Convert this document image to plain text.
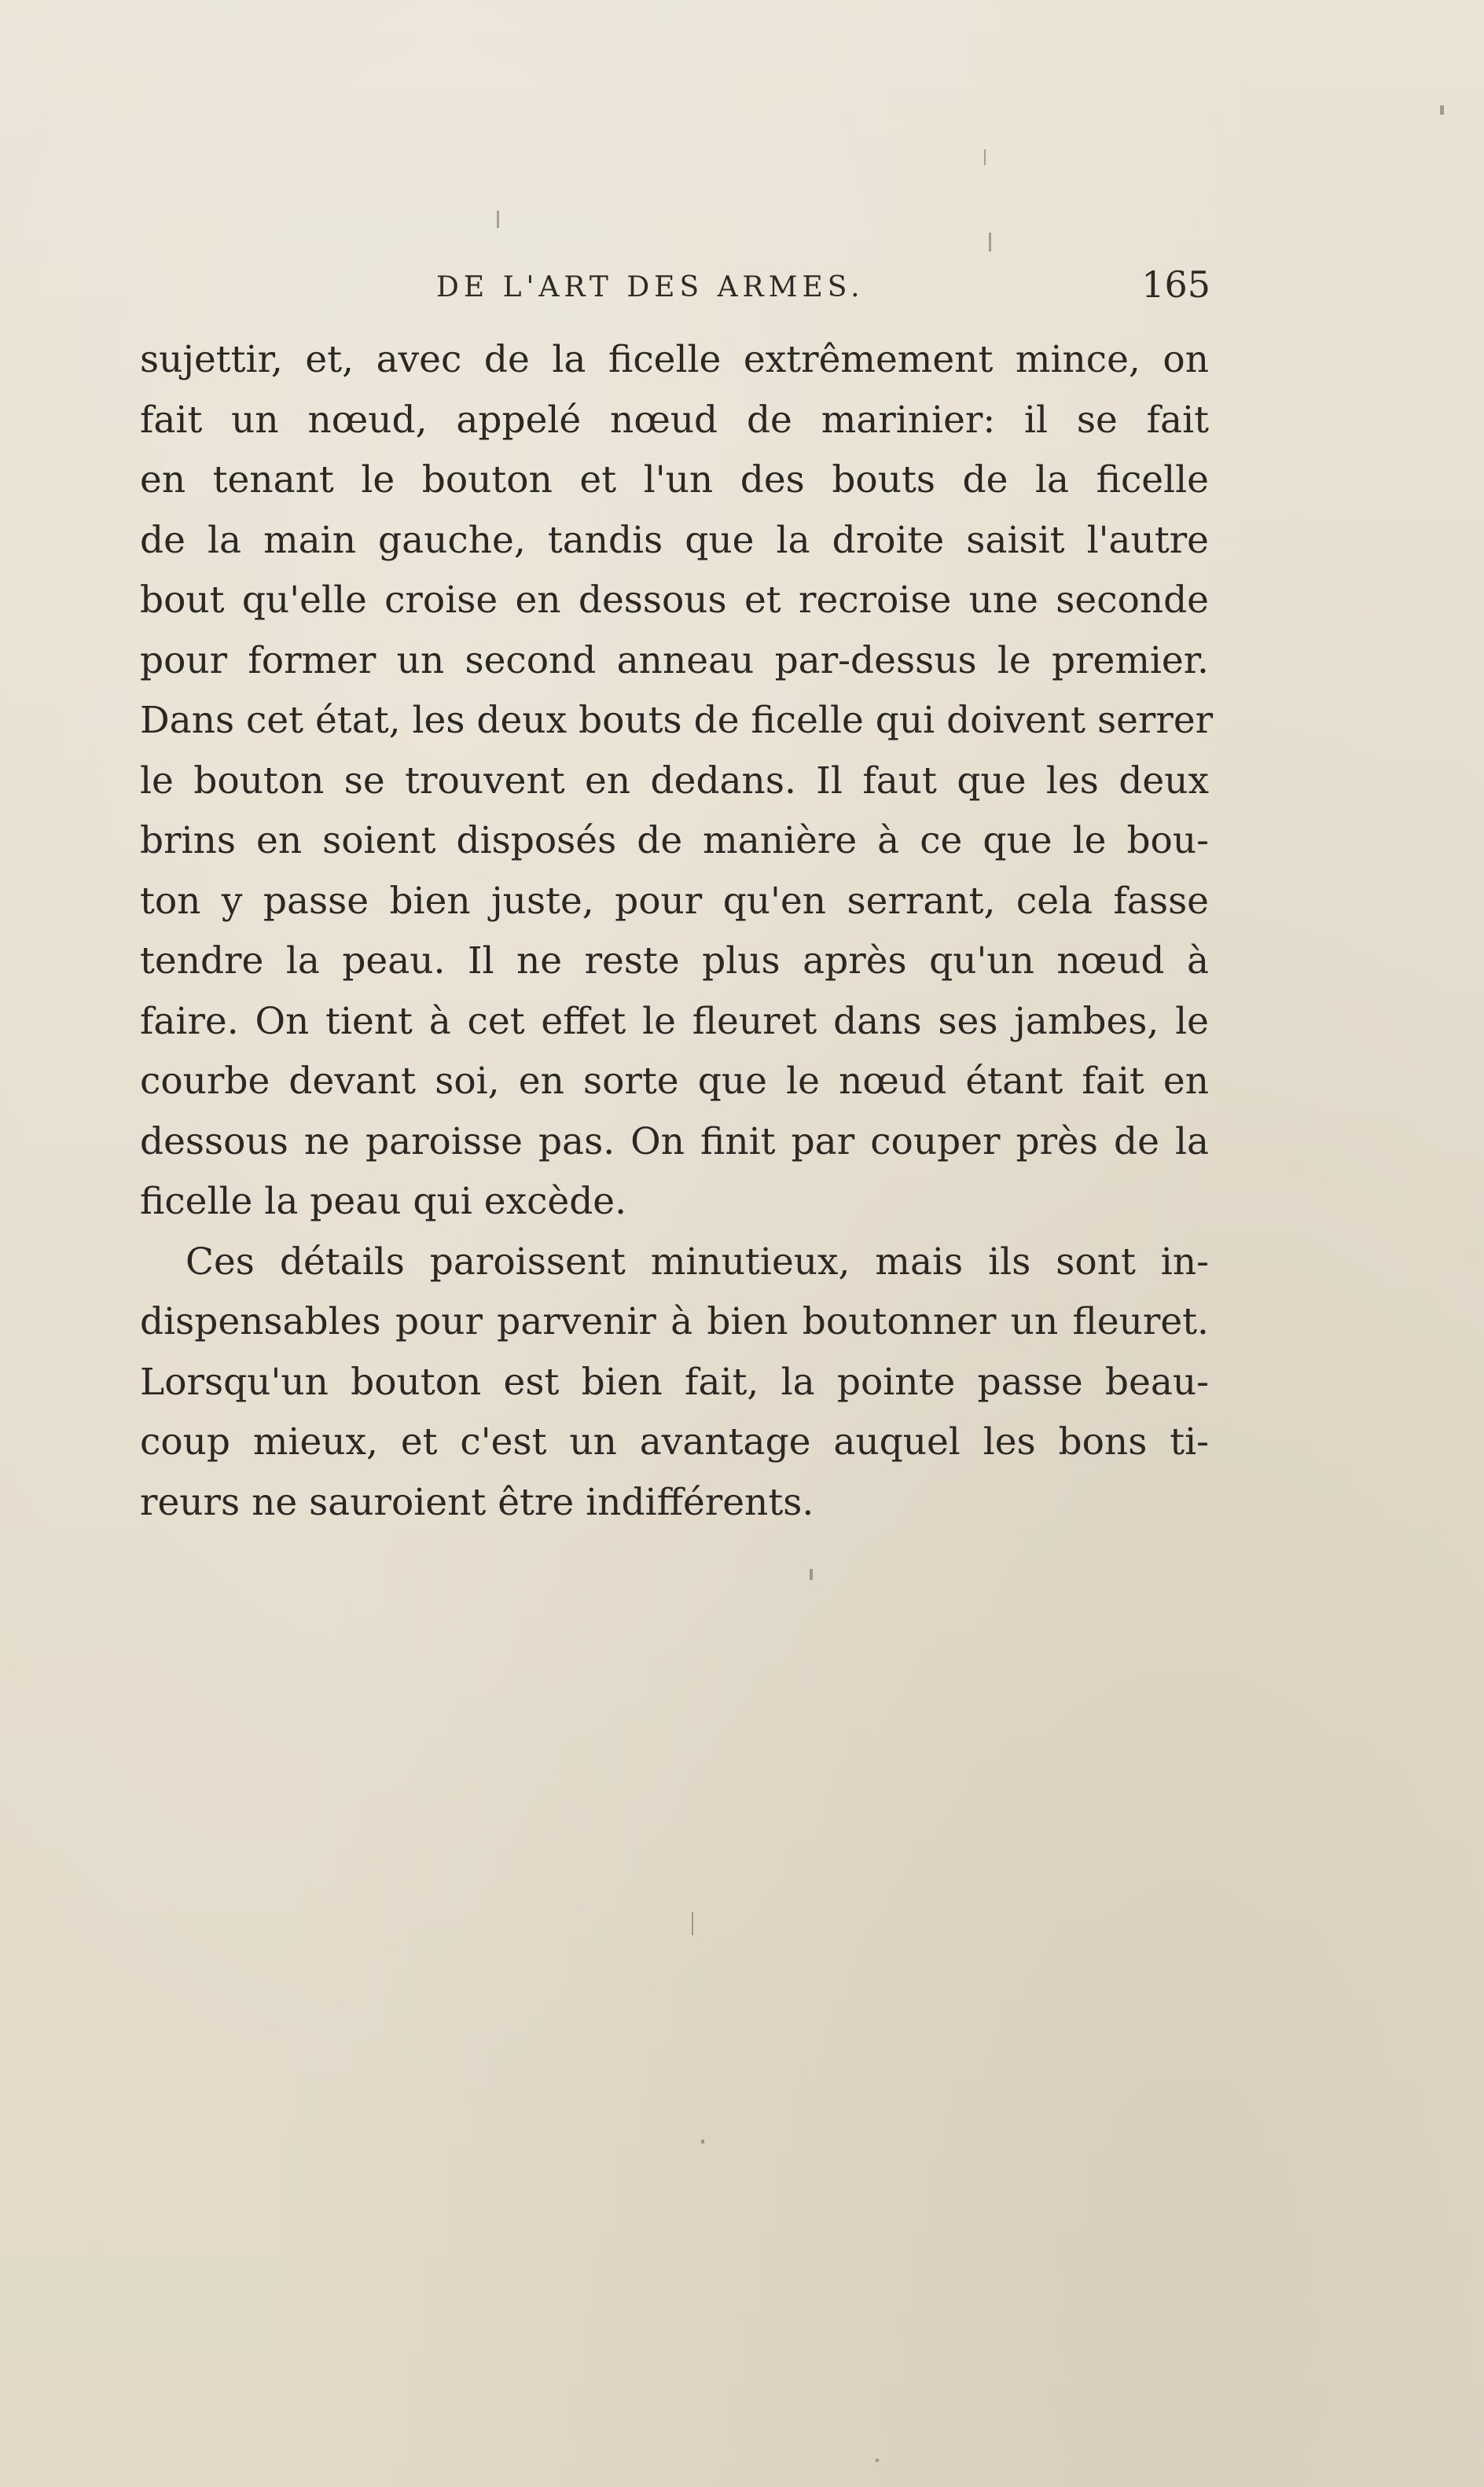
DE L'ART DES ARMES.	165
sujettir, et, avec de la ficelle extrêmement mince, on
fait un nœud, appelé nœud de marinier: il se fait
en tenant le bouton et l'un des bouts de la ficelle
de la main gauche, tandis que la droite saisit l'autre
bout qu'elle croise en dessous et recroise une seconde
pour former un second anneau par-dessus le premier.
Dans cet état, les deux bouts de ficelle qui doivent serrer
le bouton se trouvent en dedans. Il faut que les deux
brins en soient disposés de manière à ce que le bou-
ton y passe bien juste, pour qu'en serrant, cela fasse
tendre la peau. Il ne reste plus après qu'un nœud à
faire. On tient à cet effet le fleuret dans ses jambes, le
courbe devant soi, en sorte que le nœud étant fait en
dessous ne paroisse pas. On finit par couper près de la
ficelle la peau qui excède.
Ces détails paroissent minutieux, mais ils sont in-
dispensables pour parvenir à bien boutonner un fleuret.
Lorsqu'un bouton est bien fait, la pointe passe beau-
coup mieux, et c'est un avantage auquel les bons ti-
reurs ne sauroient être indifférents.
